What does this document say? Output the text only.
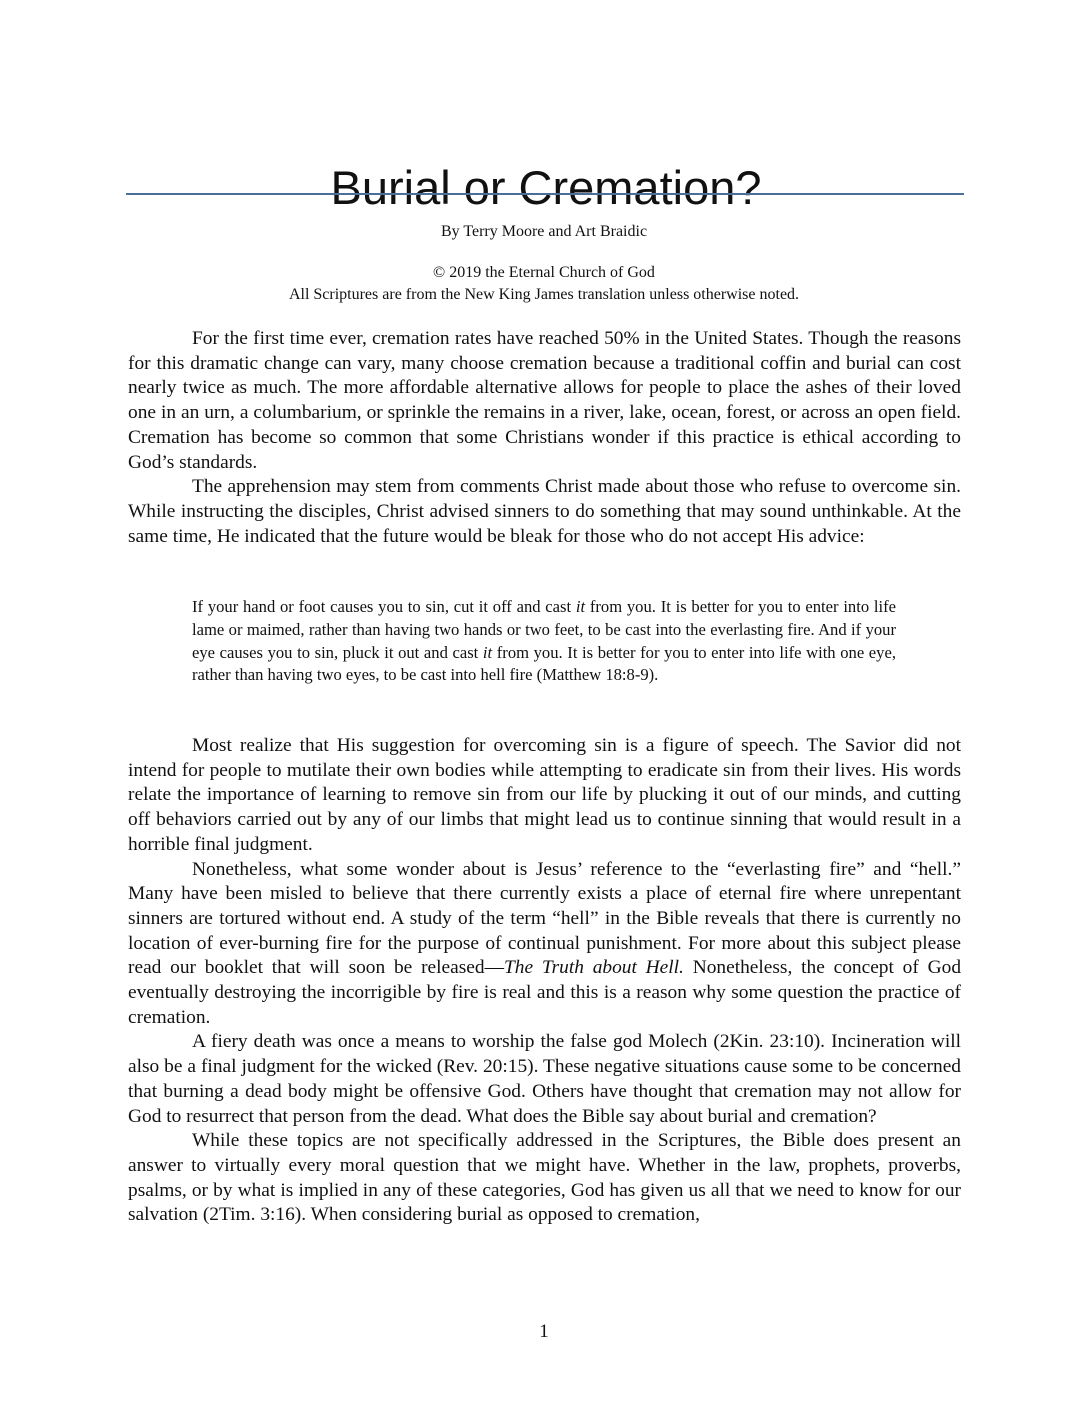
Burial or Cremation?
By Terry Moore and Art Braidic
© 2019 the Eternal Church of God
All Scriptures are from the New King James translation unless otherwise noted.

For the first time ever, cremation rates have reached 50% in the United States. Though the reasons for this dramatic change can vary, many choose cremation because a traditional coffin and burial can cost nearly twice as much. The more affordable alternative allows for people to place the ashes of their loved one in an urn, a columbarium, or sprinkle the remains in a river, lake, ocean, forest, or across an open field. Cremation has become so common that some Christians wonder if this practice is ethical according to God’s standards.

The apprehension may stem from comments Christ made about those who refuse to overcome sin. While instructing the disciples, Christ advised sinners to do something that may sound unthinkable. At the same time, He indicated that the future would be bleak for those who do not accept His advice:

If your hand or foot causes you to sin, cut it off and cast it from you. It is better for you to enter into life lame or maimed, rather than having two hands or two feet, to be cast into the everlasting fire. And if your eye causes you to sin, pluck it out and cast it from you. It is better for you to enter into life with one eye, rather than having two eyes, to be cast into hell fire (Matthew 18:8-9).

Most realize that His suggestion for overcoming sin is a figure of speech. The Savior did not intend for people to mutilate their own bodies while attempting to eradicate sin from their lives. His words relate the importance of learning to remove sin from our life by plucking it out of our minds, and cutting off behaviors carried out by any of our limbs that might lead us to continue sinning that would result in a horrible final judgment.

Nonetheless, what some wonder about is Jesus’ reference to the “everlasting fire” and “hell.” Many have been misled to believe that there currently exists a place of eternal fire where unrepentant sinners are tortured without end. A study of the term “hell” in the Bible reveals that there is currently no location of ever-burning fire for the purpose of continual punishment. For more about this subject please read our booklet that will soon be released—The Truth about Hell. Nonetheless, the concept of God eventually destroying the incorrigible by fire is real and this is a reason why some question the practice of cremation.

A fiery death was once a means to worship the false god Molech (2Kin. 23:10). Incineration will also be a final judgment for the wicked (Rev. 20:15). These negative situations cause some to be concerned that burning a dead body might be offensive God. Others have thought that cremation may not allow for God to resurrect that person from the dead. What does the Bible say about burial and cremation?

While these topics are not specifically addressed in the Scriptures, the Bible does present an answer to virtually every moral question that we might have. Whether in the law, prophets, proverbs, psalms, or by what is implied in any of these categories, God has given us all that we need to know for our salvation (2Tim. 3:16). When considering burial as opposed to cremation,

1
